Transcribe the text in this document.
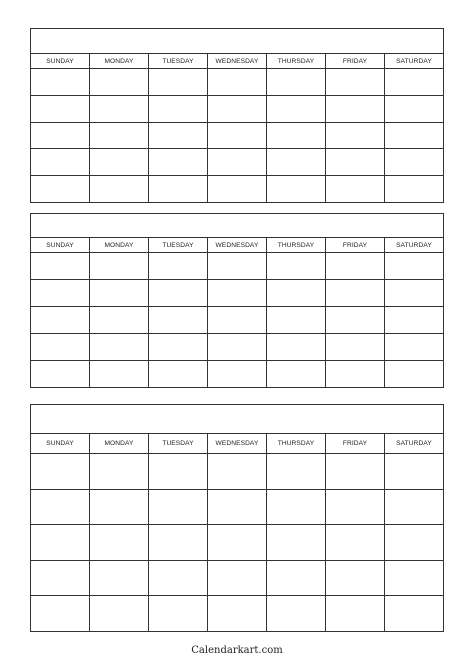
SUNDAY	MONDAY	TUESDAY	WEDNESDAY	THURSDAY	FRIDAY	SATURDAY
SUNDAY	MONDAY	TUESDAY	WEDNESDAY	THURSDAY	FRIDAY	SATURDAY
SUNDAY	MONDAY	TUESDAY	WEDNESDAY	THURSDAY	FRIDAY	SATURDAY
Calendarkart.com
